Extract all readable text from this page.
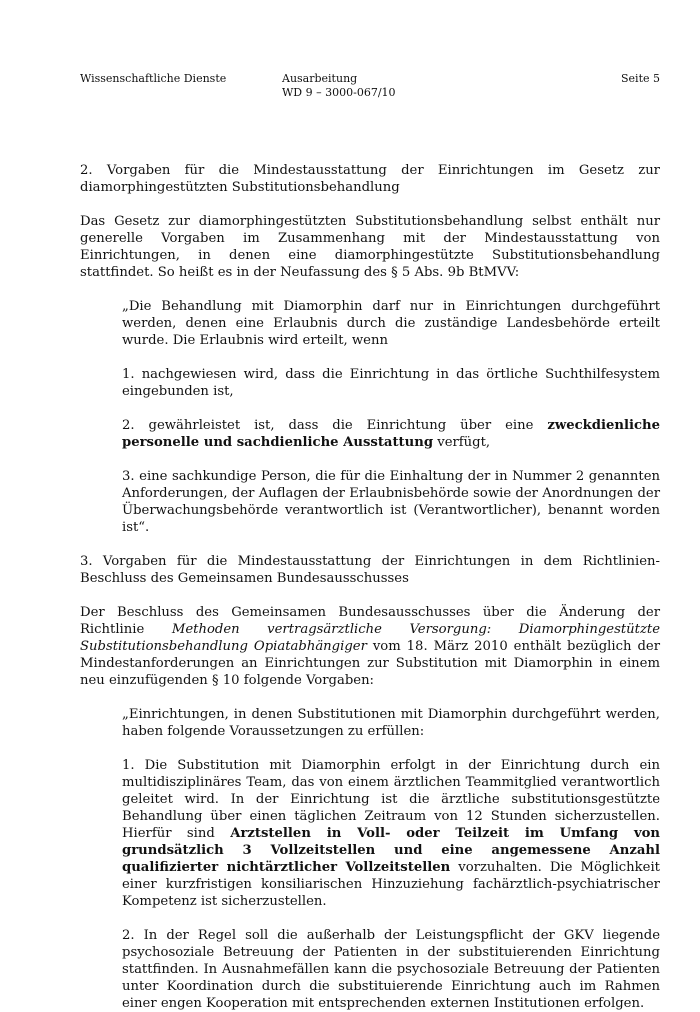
Wissenschaftliche Dienste	Ausarbeitung
WD 9 – 3000-067/10
Seite 5

2. Vorgaben für die Mindestausstattung der Einrichtungen im Gesetz zur diamorphingestützten Substitutionsbehandlung

Das Gesetz zur diamorphingestützten Substitutionsbehandlung selbst enthält nur generelle Vorgaben im Zusammenhang mit der Mindestausstattung von Einrichtungen, in denen eine diamorphingestützte Substitutionsbehandlung stattfindet. So heißt es in der Neufassung des § 5 Abs. 9b BtMVV:

„Die Behandlung mit Diamorphin darf nur in Einrichtungen durchgeführt werden, denen eine Erlaubnis durch die zuständige Landesbehörde erteilt wurde. Die Erlaubnis wird erteilt, wenn

1. nachgewiesen wird, dass die Einrichtung in das örtliche Suchthilfesystem eingebunden ist,

2. gewährleistet ist, dass die Einrichtung über eine zweckdienliche personelle und sachdienliche Ausstattung verfügt,

3. eine sachkundige Person, die für die Einhaltung der in Nummer 2 genannten Anforderungen, der Auflagen der Erlaubnisbehörde sowie der Anordnungen der Überwachungsbehörde verantwortlich ist (Verantwortlicher), benannt worden ist“.

3. Vorgaben für die Mindestausstattung der Einrichtungen in dem Richtlinien-Beschluss des Gemeinsamen Bundesausschusses

Der Beschluss des Gemeinsamen Bundesausschusses über die Änderung der Richtlinie Methoden vertragsärztliche Versorgung: Diamorphingestützte Substitutionsbehandlung Opiatabhängiger vom 18. März 2010 enthält bezüglich der Mindestanforderungen an Einrichtungen zur Substitution mit Diamorphin in einem neu einzufügenden § 10 folgende Vorgaben:

„Einrichtungen, in denen Substitutionen mit Diamorphin durchgeführt werden, haben folgende Voraussetzungen zu erfüllen:

1. Die Substitution mit Diamorphin erfolgt in der Einrichtung durch ein multidisziplinäres Team, das von einem ärztlichen Teammitglied verantwortlich geleitet wird. In der Einrichtung ist die ärztliche substitutionsgestützte Behandlung über einen täglichen Zeitraum von 12 Stunden sicherzustellen. Hierfür sind Arztstellen in Voll- oder Teilzeit im Umfang von grundsätzlich 3 Vollzeitstellen und eine angemessene Anzahl qualifizierter nichtärztlicher Vollzeitstellen vorzuhalten. Die Möglichkeit einer kurzfristigen konsiliarischen Hinzuziehung fachärztlich-psychiatrischer Kompetenz ist sicherzustellen.

2. In der Regel soll die außerhalb der Leistungspflicht der GKV liegende psychosoziale Betreuung der Patienten in der substituierenden Einrichtung stattfinden. In Ausnahmefällen kann die psychosoziale Betreuung der Patienten unter Koordination durch die substituierende Einrichtung auch im Rahmen einer engen Kooperation mit entsprechenden externen Institutionen erfolgen.
